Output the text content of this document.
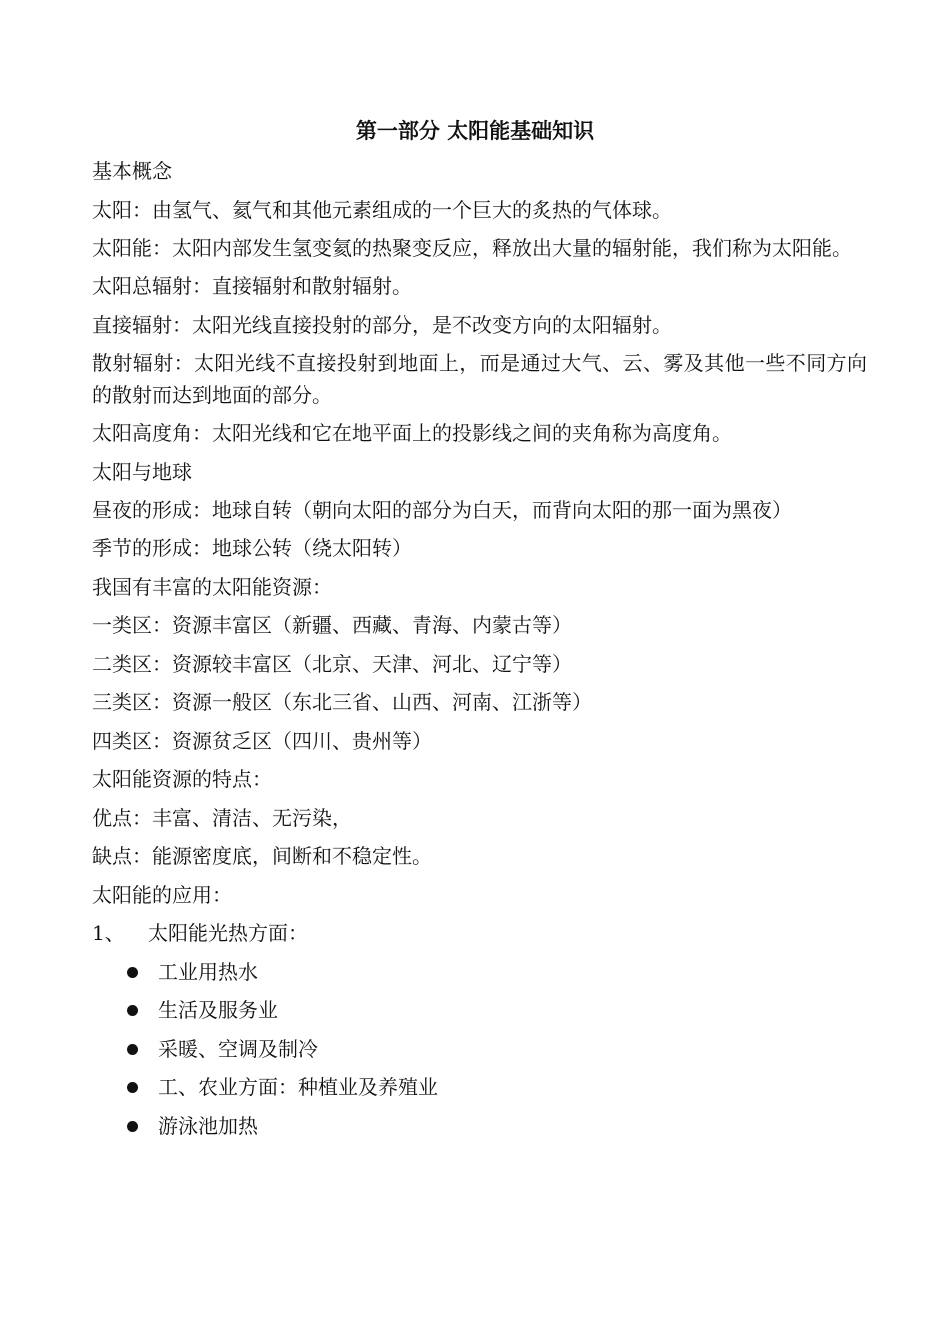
第一部分 太阳能基础知识
基本概念
太阳：由氢气、氦气和其他元素组成的一个巨大的炙热的气体球。
太阳能：太阳内部发生氢变氦的热聚变反应，释放出大量的辐射能，我们称为太阳能。
太阳总辐射：直接辐射和散射辐射。
直接辐射：太阳光线直接投射的部分，是不改变方向的太阳辐射。
散射辐射：太阳光线不直接投射到地面上，而是通过大气、云、雾及其他一些不同方向的散射而达到地面的部分。
太阳高度角：太阳光线和它在地平面上的投影线之间的夹角称为高度角。
太阳与地球
昼夜的形成：地球自转（朝向太阳的部分为白天，而背向太阳的那一面为黑夜）
季节的形成：地球公转（绕太阳转）
我国有丰富的太阳能资源：
一类区：资源丰富区（新疆、西藏、青海、内蒙古等）
二类区：资源较丰富区（北京、天津、河北、辽宁等）
三类区：资源一般区（东北三省、山西、河南、江浙等）
四类区：资源贫乏区（四川、贵州等）
太阳能资源的特点：
优点：丰富、清洁、无污染，
缺点：能源密度底，间断和不稳定性。
太阳能的应用：
1、 太阳能光热方面：
工业用热水
生活及服务业
采暖、空调及制冷
工、农业方面：种植业及养殖业
游泳池加热
